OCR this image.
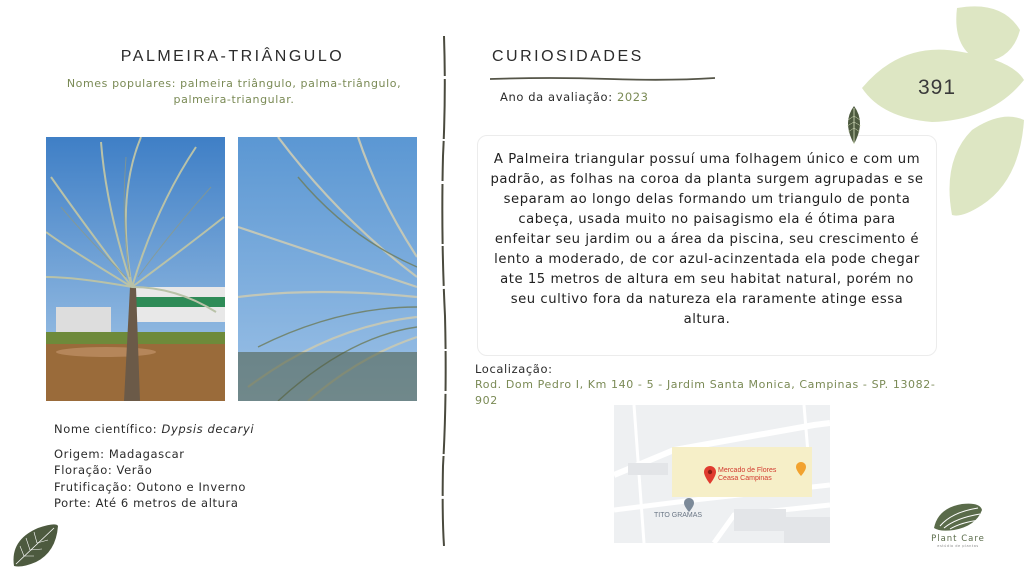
PALMEIRA-TRIÂNGULO
Nomes populares: palmeira triângulo, palma-triângulo, palmeira-triangular.
Nome científico: Dypsis decaryi
Origem: Madagascar
Floração: Verão
Frutificação: Outono e Inverno
Porte: Até 6 metros de altura
CURIOSIDADES
Ano da avaliação: 2023

A Palmeira triangular possuí uma folhagem único e com um padrão, as folhas na coroa da planta surgem agrupadas e se separam ao longo delas formando um triangulo de ponta cabeça, usada muito no paisagismo ela é ótima para enfeitar seu jardim ou a área da piscina, seu crescimento é lento a moderado, de cor azul-acinzentada ela pode chegar ate 15 metros de altura em seu habitat natural, porém no seu cultivo fora da natureza ela raramente atinge essa altura.

Localização:
Rod. Dom Pedro I, Km 140 - 5 - Jardim Santa Monica, Campinas - SP. 13082-902
Mercado de Flores
Ceasa Campinas
TITO GRAMAS
391
Plant Care
estúdio de plantas
